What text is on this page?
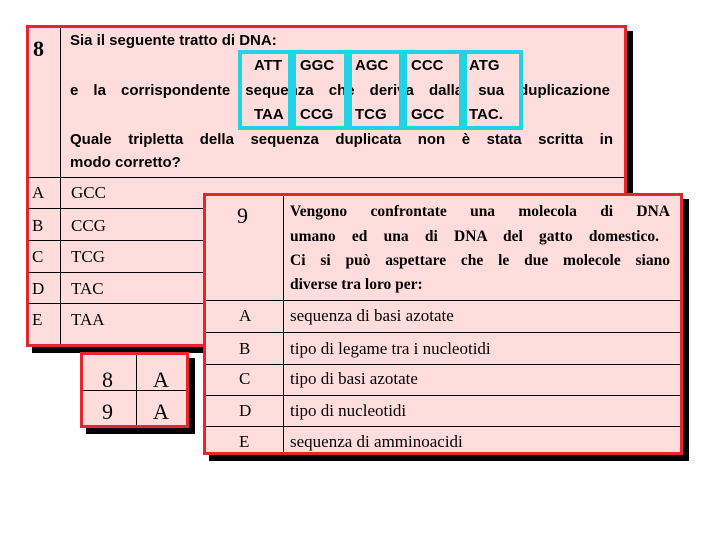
8 Sia il seguente tratto di DNA:
ATT GGC AGC CCC ATG
e la corrispondente sequenza che deriva dalla sua duplicazione
TAA CCG TCG GCC TAC.
Quale tripletta della sequenza duplicata non è stata scritta in
modo corretto?
A GCC
B CCG
C TCG
D TAC
E TAA
8 A
9 A
9	Vengono confrontate una molecola di DNA
umano ed una di DNA del gatto domestico.
Ci si può aspettare che le due molecole siano
diverse tra loro per:
A sequenza di basi azotate
B tipo di legame tra i nucleotidi
C tipo di basi azotate
D tipo di nucleotidi
E sequenza di amminoacidi
